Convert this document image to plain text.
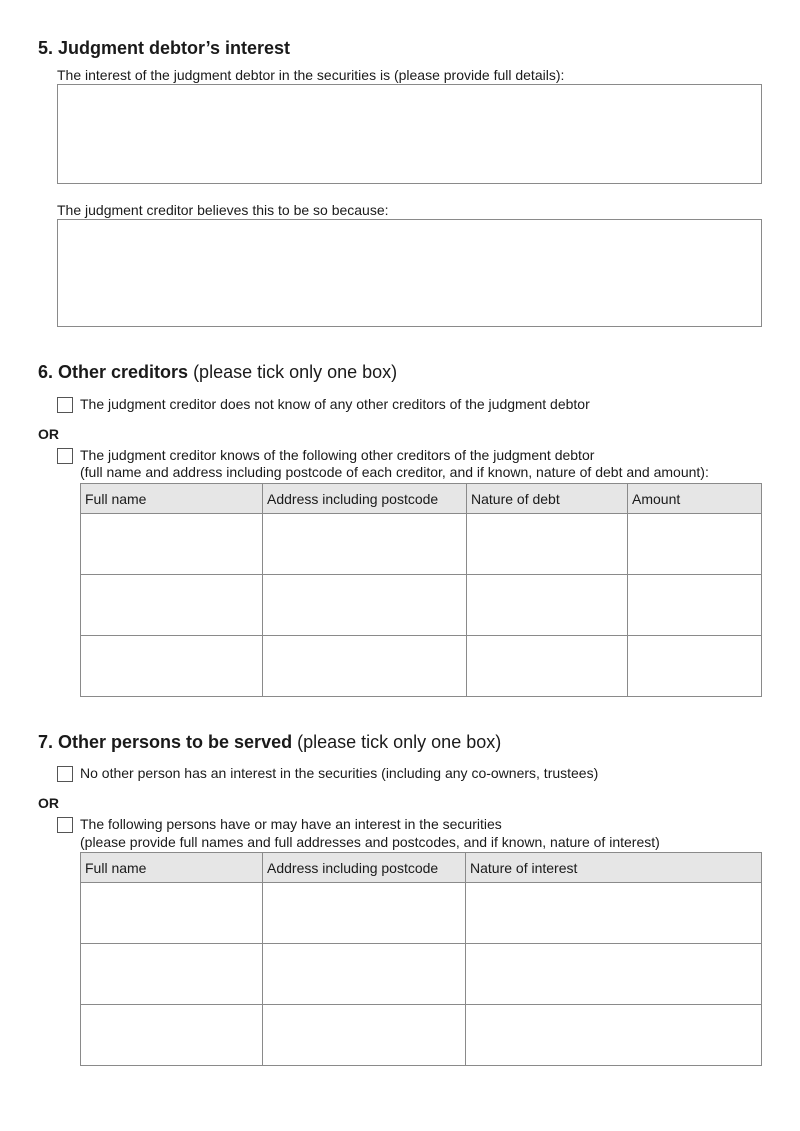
5. Judgment debtor’s interest
The interest of the judgment debtor in the securities is (please provide full details):
The judgment creditor believes this to be so because:
6. Other creditors (please tick only one box)
The judgment creditor does not know of any other creditors of the judgment debtor
OR
The judgment creditor knows of the following other creditors of the judgment debtor
(full name and address including postcode of each creditor, and if known, nature of debt and amount):
Full name	Address including postcode	Nature of debt	Amount

7. Other persons to be served (please tick only one box)
No other person has an interest in the securities (including any co-owners, trustees)
OR
The following persons have or may have an interest in the securities
(please provide full names and full addresses and postcodes, and if known, nature of interest)
Full name	Address including postcode	Nature of interest
